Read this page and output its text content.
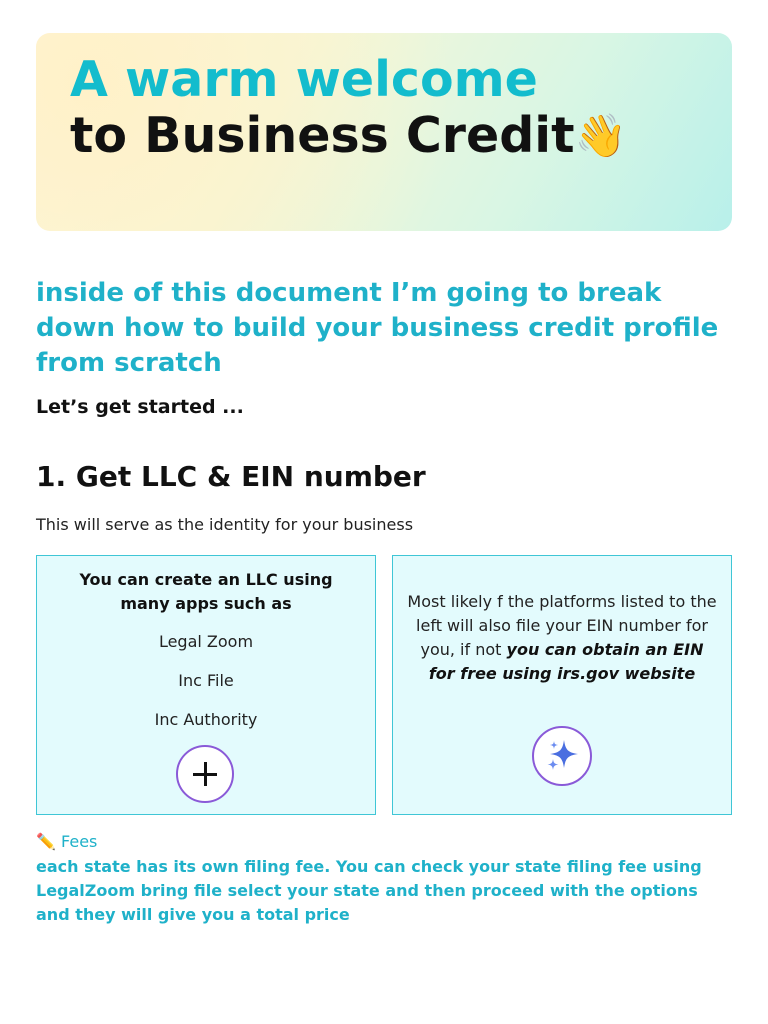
A warm welcome
to Business Credit👋
inside of this document I’m going to break down how to build your business credit profile from scratch
Let’s get started ...
1. Get LLC & EIN number
This will serve as the identity for your business
You can create an LLC using many apps such as
Legal Zoom
Inc File
Inc Authority
Most likely f the platforms listed to the left will also file your EIN number for you, if not you can obtain an EIN for free using irs.gov website
✏️ Fees
each state has its own filing fee. You can check your state filing fee using LegalZoom bring file select your state and then proceed with the options and they will give you a total price
